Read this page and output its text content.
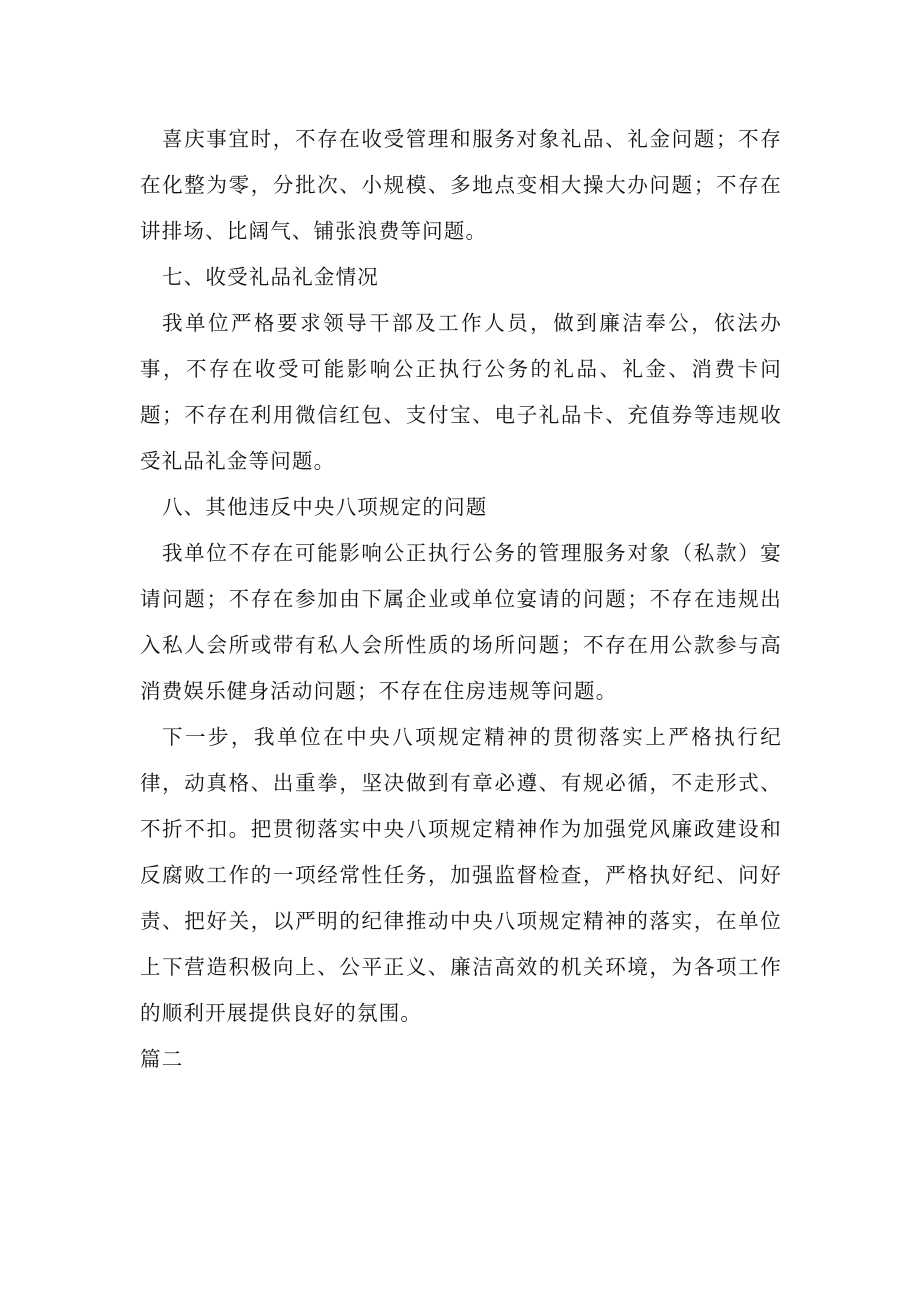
喜庆事宜时，不存在收受管理和服务对象礼品、礼金问题；不存在化整为零，分批次、小规模、多地点变相大操大办问题；不存在讲排场、比阔气、铺张浪费等问题。

七、收受礼品礼金情况

我单位严格要求领导干部及工作人员，做到廉洁奉公，依法办事，不存在收受可能影响公正执行公务的礼品、礼金、消费卡问题；不存在利用微信红包、支付宝、电子礼品卡、充值券等违规收受礼品礼金等问题。

八、其他违反中央八项规定的问题

我单位不存在可能影响公正执行公务的管理服务对象（私款）宴请问题；不存在参加由下属企业或单位宴请的问题；不存在违规出入私人会所或带有私人会所性质的场所问题；不存在用公款参与高消费娱乐健身活动问题；不存在住房违规等问题。

下一步，我单位在中央八项规定精神的贯彻落实上严格执行纪律，动真格、出重拳，坚决做到有章必遵、有规必循，不走形式、不折不扣。把贯彻落实中央八项规定精神作为加强党风廉政建设和反腐败工作的一项经常性任务，加强监督检查，严格执好纪、问好责、把好关，以严明的纪律推动中央八项规定精神的落实，在单位上下营造积极向上、公平正义、廉洁高效的机关环境，为各项工作的顺利开展提供良好的氛围。

篇二
